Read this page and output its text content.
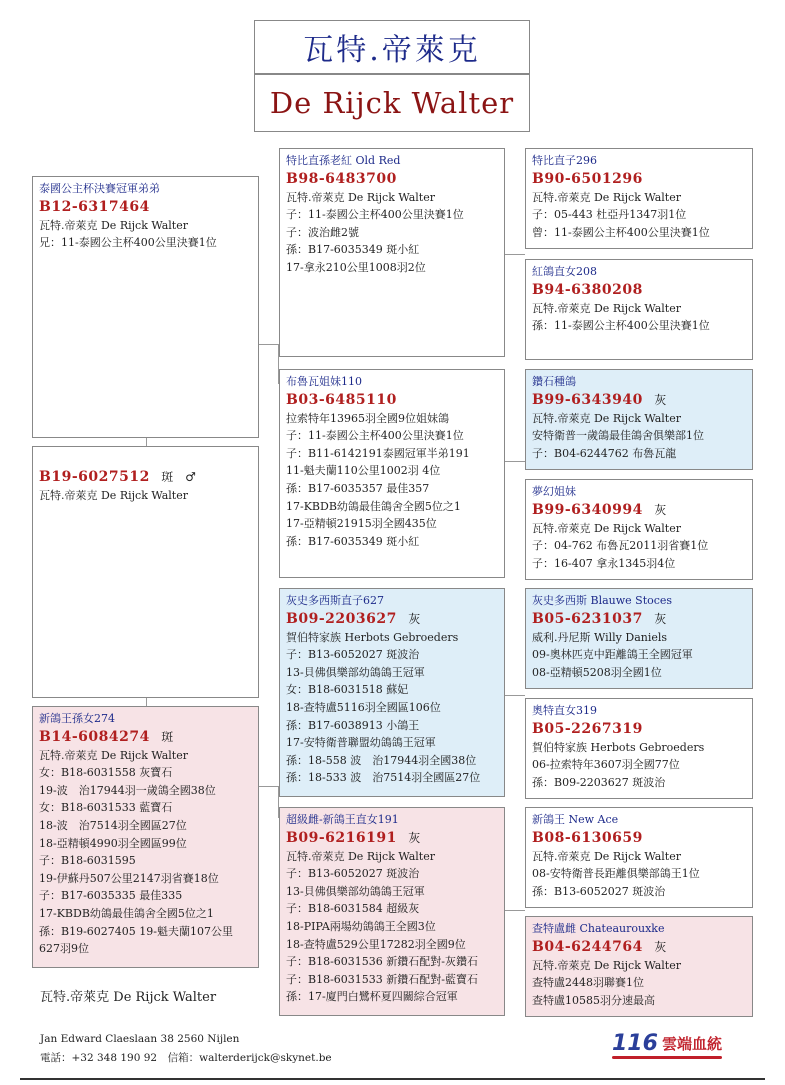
瓦特.帝萊克
De Rijck Walter
泰國公主杯決賽冠軍弟弟
B12-6317464
瓦特.帝萊克 De Rijck Walter
兄：11-泰國公主杯400公里決賽1位
B19-6027512 斑 ♂
瓦特.帝萊克 De Rijck Walter
新鴿王孫女274
B14-6084274 斑
瓦特.帝萊克 De Rijck Walter
女：B18-6031558 灰寶石
19-波　治17944羽一歲鴿全國38位
女：B18-6031533 藍寶石
18-波　治7514羽全國區27位
18-亞精頓4990羽全國區99位
子：B18-6031595
19-伊蘇丹507公里2147羽省賽18位
子：B17-6035335 最佳335
17-KBDB幼鴿最佳鴿舍全國5位之1
孫：B19-6027405 19-魁夫蘭107公里
627羽9位
特比直孫老紅 Old Red
B98-6483700
瓦特.帝萊克 De Rijck Walter
子：11-泰國公主杯400公里決賽1位
子：波治雌2號
孫：B17-6035349 斑小紅
17-拿永210公里1008羽2位
布魯瓦姐妹110
B03-6485110
拉索特年13965羽全國9位姐妹鴿
子：11-泰國公主杯400公里決賽1位
子：B11-6142191泰國冠軍半弟191
11-魁夫蘭110公里1002羽 4位
孫：B17-6035357 最佳357
17-KBDB幼鴿最佳鴿舍全國5位之1
17-亞精頓21915羽全國435位
孫：B17-6035349 斑小紅
灰史多西斯直子627
B09-2203627 灰
賀伯特家族 Herbots Gebroeders
子：B13-6052027 斑波治
13-貝佛俱樂部幼鴿鴿王冠軍
女：B18-6031518 蘇妃
18-查特盧5116羽全國區106位
孫：B17-6038913 小鴿王
17-安特衛普聯盟幼鴿鴿王冠軍
孫：18-558 波　治17944羽全國38位
孫：18-533 波　治7514羽全國區27位
超級雌-新鴿王直女191
B09-6216191 灰
瓦特.帝萊克 De Rijck Walter
子：B13-6052027 斑波治
13-貝佛俱樂部幼鴿鴿王冠軍
子：B18-6031584 超級灰
18-PIPA兩場幼鴿鴿王全國3位
18-查特盧529公里17282羽全國9位
子：B18-6031536 新鑽石配對-灰鑽石
子：B18-6031533 新鑽石配對-藍寶石
孫：17-廈門白鷺杯夏四關綜合冠軍
特比直子296
B90-6501296
瓦特.帝萊克 De Rijck Walter
子：05-443 杜亞丹1347羽1位
曾：11-泰國公主杯400公里決賽1位
紅鴿直女208
B94-6380208
瓦特.帝萊克 De Rijck Walter
孫：11-泰國公主杯400公里決賽1位
鑽石種鴿
B99-6343940 灰
瓦特.帝萊克 De Rijck Walter
安特衛普一歲鴿最佳鴿舍俱樂部1位
子：B04-6244762 布魯瓦龍
夢幻姐妹
B99-6340994 灰
瓦特.帝萊克 De Rijck Walter
子：04-762 布魯瓦2011羽省賽1位
子：16-407 拿永1345羽4位
灰史多西斯 Blauwe Stoces
B05-6231037 灰
威利.丹尼斯 Willy Daniels
09-奧林匹克中距離鴿王全國冠軍
08-亞精頓5208羽全國1位
奧特直女319
B05-2267319
賀伯特家族 Herbots Gebroeders
06-拉索特年3607羽全國77位
孫：B09-2203627 斑波治
新鴿王 New Ace
B08-6130659
瓦特.帝萊克 De Rijck Walter
08-安特衛普長距離俱樂部鴿王1位
孫：B13-6052027 斑波治
查特盧雌 Chateaurouxke
B04-6244764 灰
瓦特.帝萊克 De Rijck Walter
查特盧2448羽聯賽1位
查特盧10585羽分速最高
瓦特.帝萊克 De Rijck Walter
Jan Edward Claeslaan 38 2560 Nijlen
電話：+32 348 190 92　信箱：walterderijck@skynet.be
116 雲端血統
